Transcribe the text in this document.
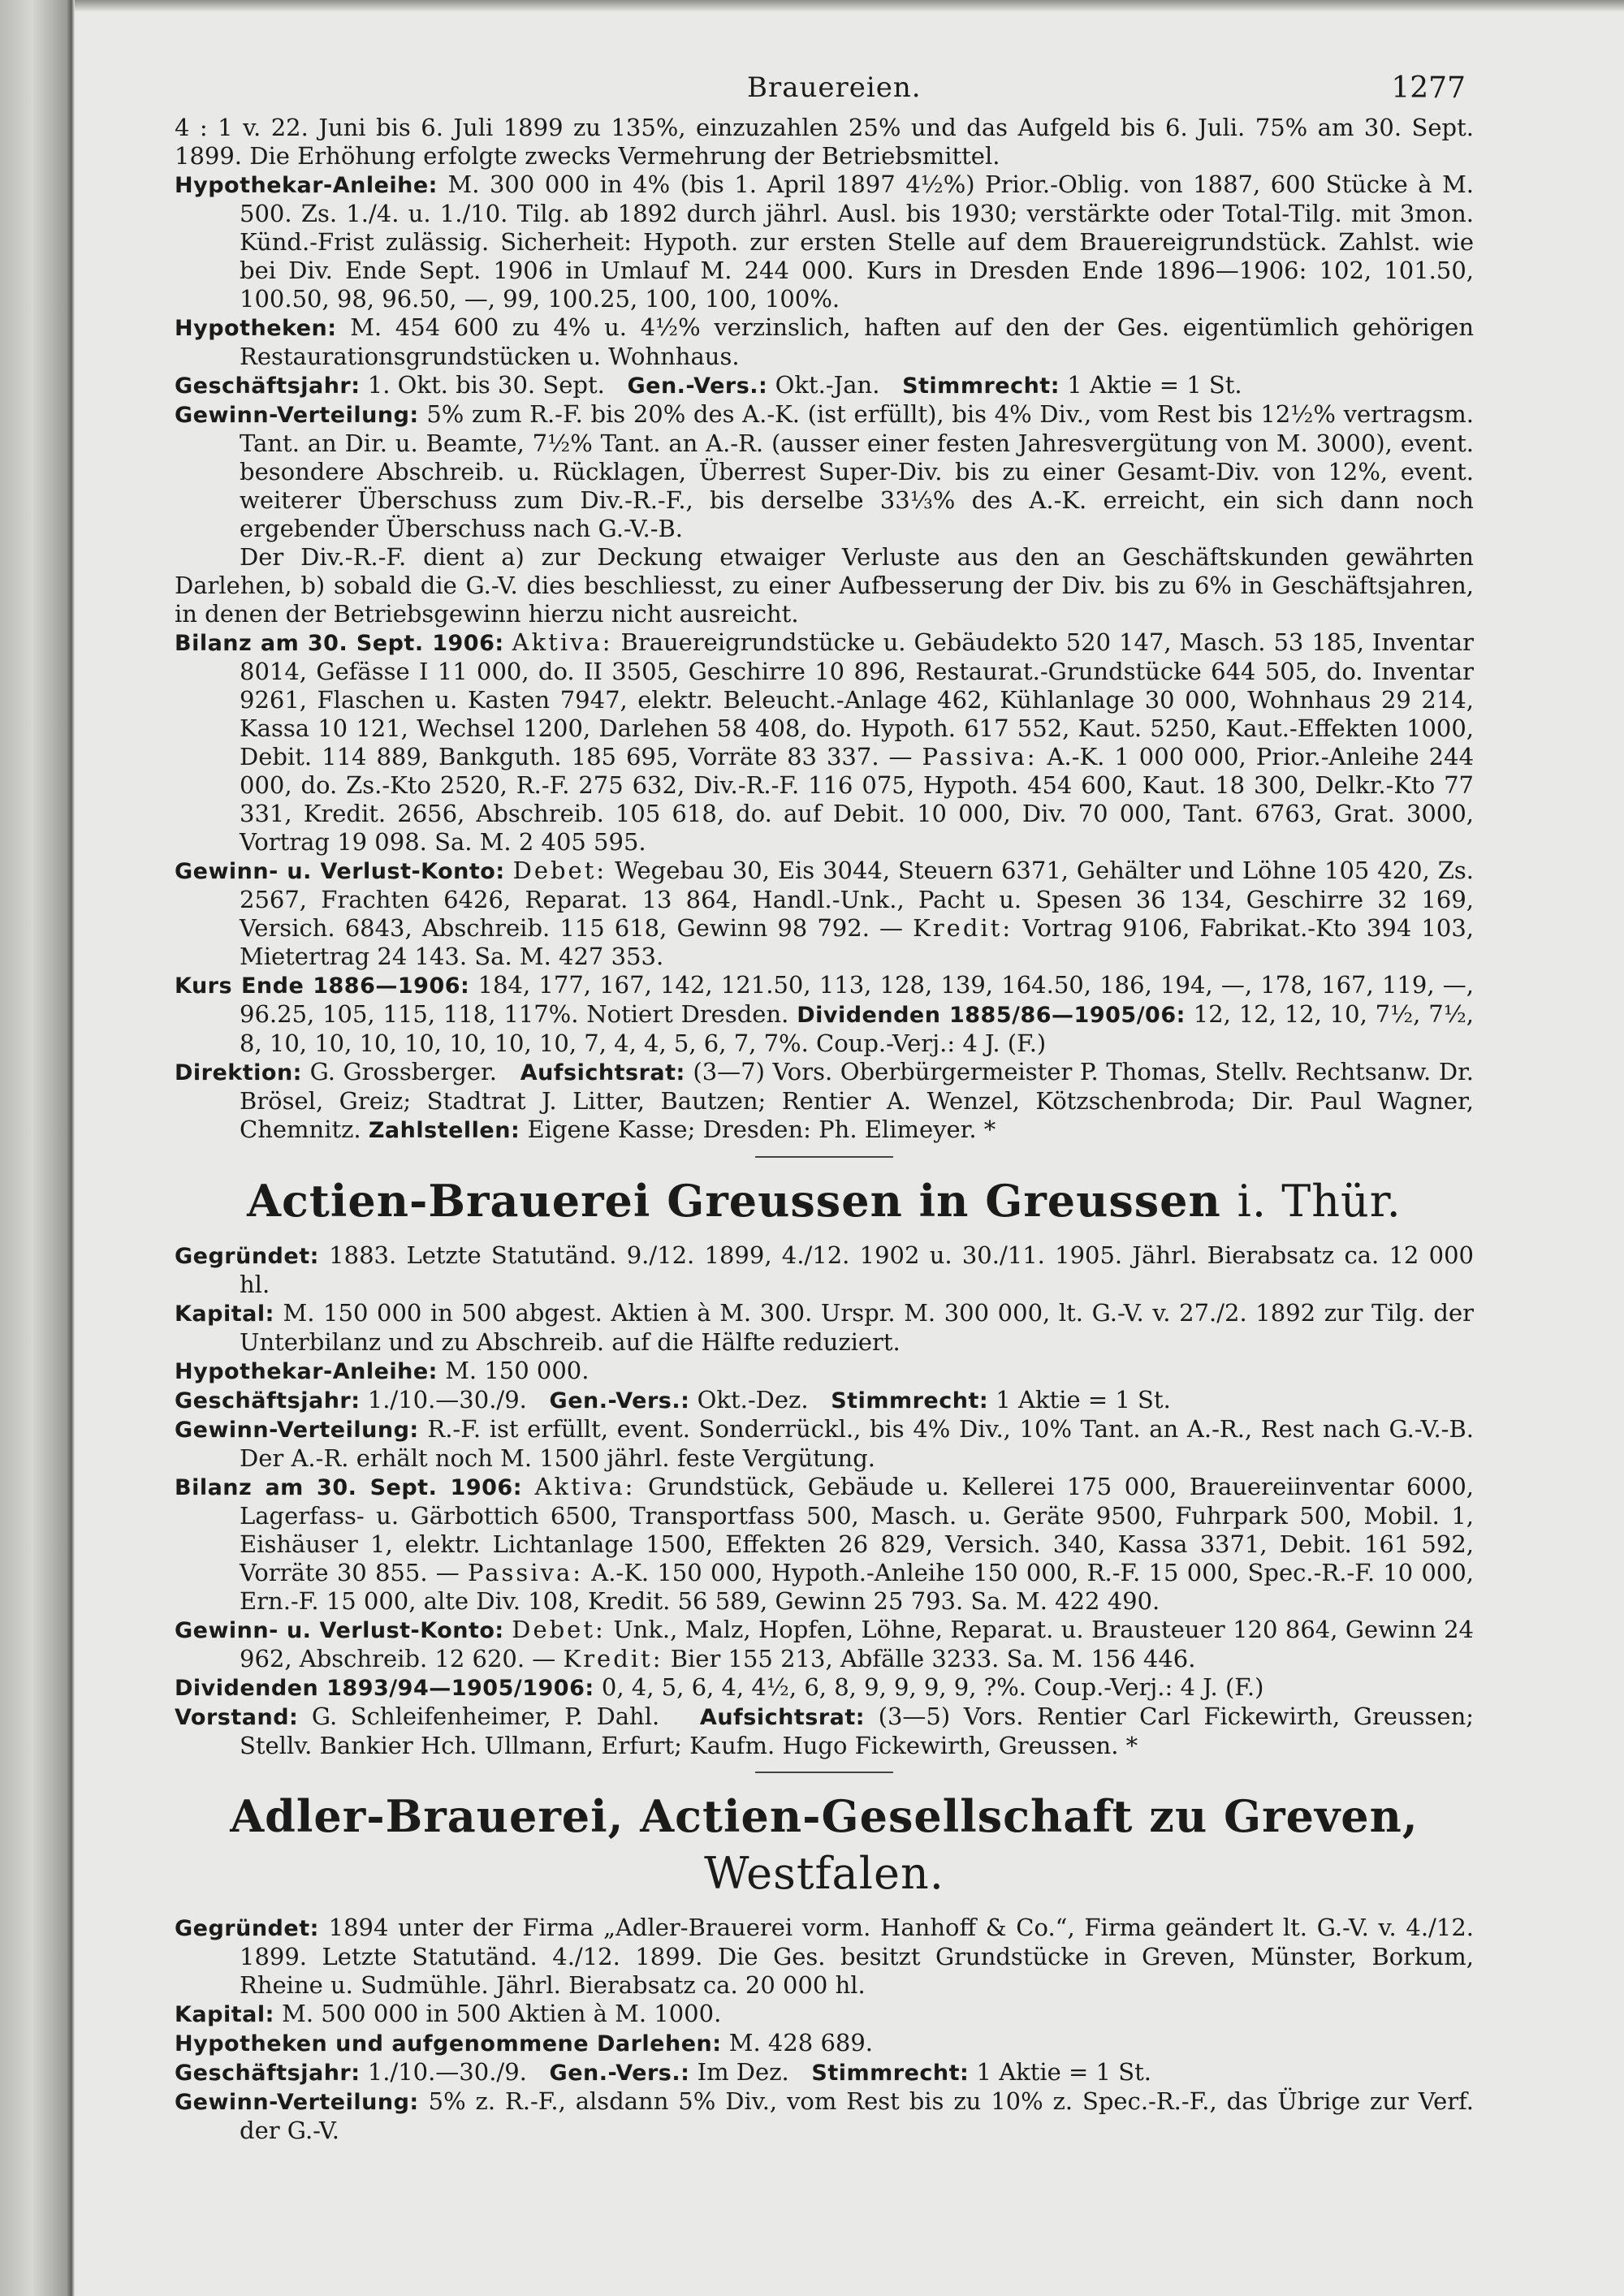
Brauereien.	1277

4 : 1 v. 22. Juni bis 6. Juli 1899 zu 135%, einzuzahlen 25% und das Aufgeld bis 6. Juli. 75% am 30. Sept. 1899. Die Erhöhung erfolgte zwecks Vermehrung der Betriebsmittel.

Hypothekar-Anleihe: M. 300 000 in 4% (bis 1. April 1897 4½%) Prior.-Oblig. von 1887, 600 Stücke à M. 500. Zs. 1./4. u. 1./10. Tilg. ab 1892 durch jährl. Ausl. bis 1930; verstärkte oder Total-Tilg. mit 3mon. Künd.-Frist zulässig. Sicherheit: Hypoth. zur ersten Stelle auf dem Brauereigrundstück. Zahlst. wie bei Div. Ende Sept. 1906 in Umlauf M. 244 000. Kurs in Dresden Ende 1896—1906: 102, 101.50, 100.50, 98, 96.50, —, 99, 100.25, 100, 100, 100%.

Hypotheken: M. 454 600 zu 4% u. 4½% verzinslich, haften auf den der Ges. eigentümlich gehörigen Restaurationsgrundstücken u. Wohnhaus.

Geschäftsjahr: 1. Okt. bis 30. Sept. Gen.-Vers.: Okt.-Jan. Stimmrecht: 1 Aktie = 1 St.

Gewinn-Verteilung: 5% zum R.-F. bis 20% des A.-K. (ist erfüllt), bis 4% Div., vom Rest bis 12½% vertragsm. Tant. an Dir. u. Beamte, 7½% Tant. an A.-R. (ausser einer festen Jahresvergütung von M. 3000), event. besondere Abschreib. u. Rücklagen, Überrest Super-Div. bis zu einer Gesamt-Div. von 12%, event. weiterer Überschuss zum Div.-R.-F., bis derselbe 33⅓% des A.-K. erreicht, ein sich dann noch ergebender Überschuss nach G.-V.-B.

Der Div.-R.-F. dient a) zur Deckung etwaiger Verluste aus den an Geschäftskunden gewährten Darlehen, b) sobald die G.-V. dies beschliesst, zu einer Aufbesserung der Div. bis zu 6% in Geschäftsjahren, in denen der Betriebsgewinn hierzu nicht ausreicht.

Bilanz am 30. Sept. 1906: Aktiva: Brauereigrundstücke u. Gebäudekto 520 147, Masch. 53 185, Inventar 8014, Gefässe I 11 000, do. II 3505, Geschirre 10 896, Restaurat.-Grundstücke 644 505, do. Inventar 9261, Flaschen u. Kasten 7947, elektr. Beleucht.-Anlage 462, Kühlanlage 30 000, Wohnhaus 29 214, Kassa 10 121, Wechsel 1200, Darlehen 58 408, do. Hypoth. 617 552, Kaut. 5250, Kaut.-Effekten 1000, Debit. 114 889, Bankguth. 185 695, Vorräte 83 337. — Passiva: A.-K. 1 000 000, Prior.-Anleihe 244 000, do. Zs.-Kto 2520, R.-F. 275 632, Div.-R.-F. 116 075, Hypoth. 454 600, Kaut. 18 300, Delkr.-Kto 77 331, Kredit. 2656, Abschreib. 105 618, do. auf Debit. 10 000, Div. 70 000, Tant. 6763, Grat. 3000, Vortrag 19 098. Sa. M. 2 405 595.

Gewinn- u. Verlust-Konto: Debet: Wegebau 30, Eis 3044, Steuern 6371, Gehälter und Löhne 105 420, Zs. 2567, Frachten 6426, Reparat. 13 864, Handl.-Unk., Pacht u. Spesen 36 134, Geschirre 32 169, Versich. 6843, Abschreib. 115 618, Gewinn 98 792. — Kredit: Vortrag 9106, Fabrikat.-Kto 394 103, Mietertrag 24 143. Sa. M. 427 353.

Kurs Ende 1886—1906: 184, 177, 167, 142, 121.50, 113, 128, 139, 164.50, 186, 194, —, 178, 167, 119, —, 96.25, 105, 115, 118, 117%. Notiert Dresden. Dividenden 1885/86—1905/06: 12, 12, 12, 10, 7½, 7½, 8, 10, 10, 10, 10, 10, 10, 10, 7, 4, 4, 5, 6, 7, 7%. Coup.-Verj.: 4 J. (F.)

Direktion: G. Grossberger. Aufsichtsrat: (3—7) Vors. Oberbürgermeister P. Thomas, Stellv. Rechtsanw. Dr. Brösel, Greiz; Stadtrat J. Litter, Bautzen; Rentier A. Wenzel, Kötzschenbroda; Dir. Paul Wagner, Chemnitz. Zahlstellen: Eigene Kasse; Dresden: Ph. Elimeyer. *

Actien-Brauerei Greussen in Greussen i. Thür.

Gegründet: 1883. Letzte Statutänd. 9./12. 1899, 4./12. 1902 u. 30./11. 1905. Jährl. Bierabsatz ca. 12 000 hl.

Kapital: M. 150 000 in 500 abgest. Aktien à M. 300. Urspr. M. 300 000, lt. G.-V. v. 27./2. 1892 zur Tilg. der Unterbilanz und zu Abschreib. auf die Hälfte reduziert.

Hypothekar-Anleihe: M. 150 000.

Geschäftsjahr: 1./10.—30./9. Gen.-Vers.: Okt.-Dez. Stimmrecht: 1 Aktie = 1 St.

Gewinn-Verteilung: R.-F. ist erfüllt, event. Sonderrückl., bis 4% Div., 10% Tant. an A.-R., Rest nach G.-V.-B. Der A.-R. erhält noch M. 1500 jährl. feste Vergütung.

Bilanz am 30. Sept. 1906: Aktiva: Grundstück, Gebäude u. Kellerei 175 000, Brauereiinventar 6000, Lagerfass- u. Gärbottich 6500, Transportfass 500, Masch. u. Geräte 9500, Fuhrpark 500, Mobil. 1, Eishäuser 1, elektr. Lichtanlage 1500, Effekten 26 829, Versich. 340, Kassa 3371, Debit. 161 592, Vorräte 30 855. — Passiva: A.-K. 150 000, Hypoth.-Anleihe 150 000, R.-F. 15 000, Spec.-R.-F. 10 000, Ern.-F. 15 000, alte Div. 108, Kredit. 56 589, Gewinn 25 793. Sa. M. 422 490.

Gewinn- u. Verlust-Konto: Debet: Unk., Malz, Hopfen, Löhne, Reparat. u. Brausteuer 120 864, Gewinn 24 962, Abschreib. 12 620. — Kredit: Bier 155 213, Abfälle 3233. Sa. M. 156 446.

Dividenden 1893/94—1905/1906: 0, 4, 5, 6, 4, 4½, 6, 8, 9, 9, 9, 9, ?%. Coup.-Verj.: 4 J. (F.)

Vorstand: G. Schleifenheimer, P. Dahl. Aufsichtsrat: (3—5) Vors. Rentier Carl Fickewirth, Greussen; Stellv. Bankier Hch. Ullmann, Erfurt; Kaufm. Hugo Fickewirth, Greussen. *

Adler-Brauerei, Actien-Gesellschaft zu Greven, Westfalen.

Gegründet: 1894 unter der Firma „Adler-Brauerei vorm. Hanhoff & Co.“, Firma geändert lt. G.-V. v. 4./12. 1899. Letzte Statutänd. 4./12. 1899. Die Ges. besitzt Grundstücke in Greven, Münster, Borkum, Rheine u. Sudmühle. Jährl. Bierabsatz ca. 20 000 hl.

Kapital: M. 500 000 in 500 Aktien à M. 1000.

Hypotheken und aufgenommene Darlehen: M. 428 689.

Geschäftsjahr: 1./10.—30./9. Gen.-Vers.: Im Dez. Stimmrecht: 1 Aktie = 1 St.

Gewinn-Verteilung: 5% z. R.-F., alsdann 5% Div., vom Rest bis zu 10% z. Spec.-R.-F., das Übrige zur Verf. der G.-V.
